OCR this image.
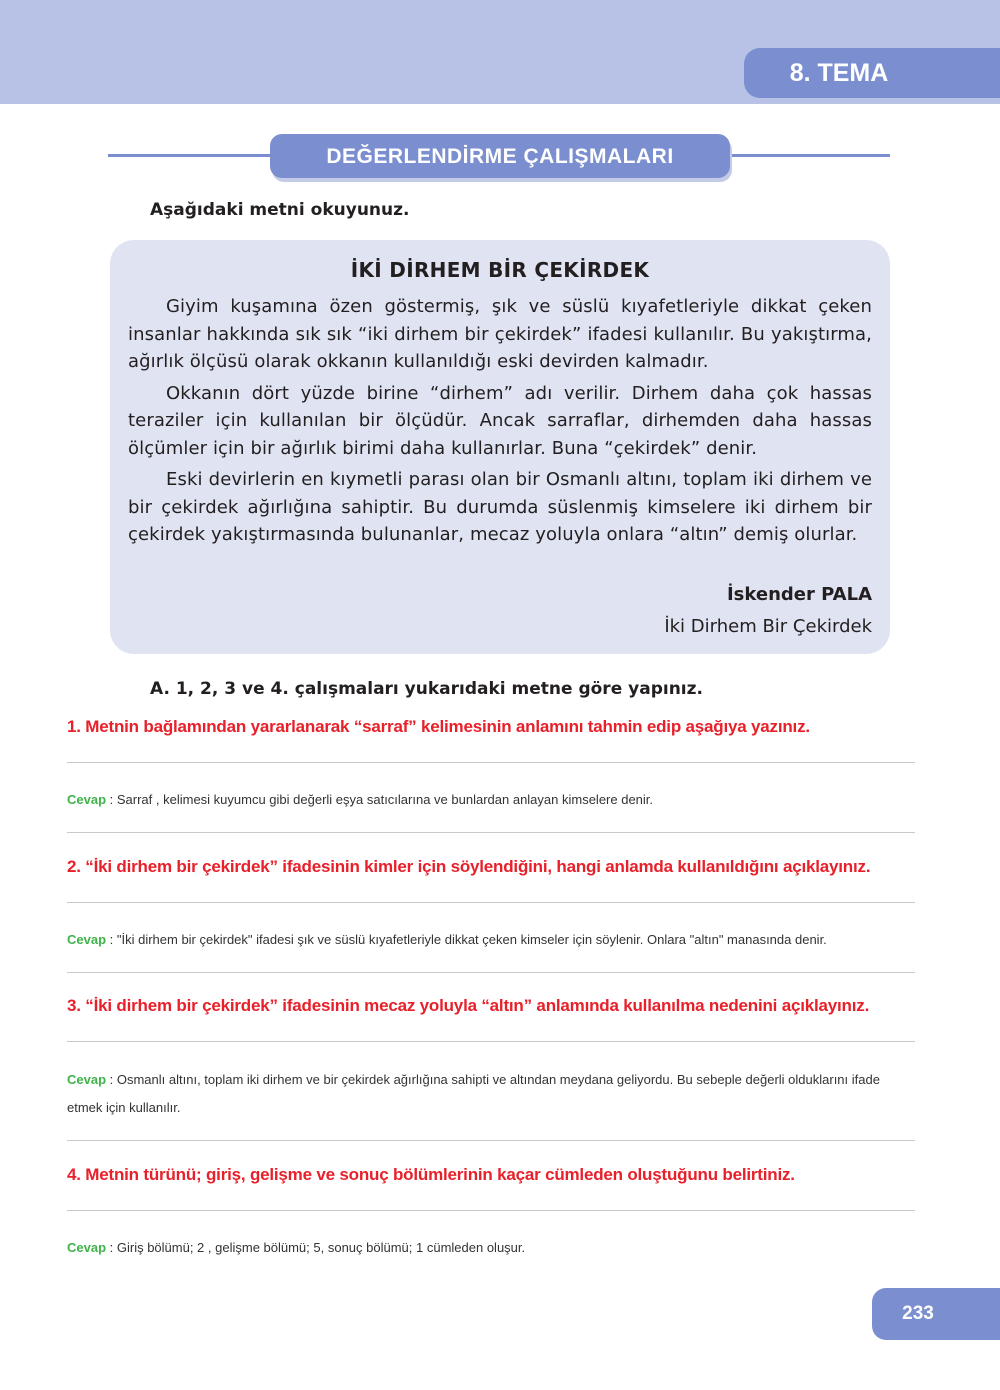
8. TEMA
DEĞERLENDİRME ÇALIŞMALARI
Aşağıdaki metni okuyunuz.
İKİ DİRHEM BİR ÇEKİRDEK

Giyim kuşamına özen göstermiş, şık ve süslü kıyafetleriyle dikkat çeken insanlar hakkında sık sık “iki dirhem bir çekirdek” ifadesi kullanılır. Bu yakıştırma, ağırlık ölçüsü olarak okkanın kullanıldığı eski devirden kalmadır.

Okkanın dört yüzde birine “dirhem” adı verilir. Dirhem daha çok hassas teraziler için kullanılan bir ölçüdür. Ancak sarraflar, dirhemden daha hassas ölçümler için bir ağırlık birimi daha kullanırlar. Buna “çekirdek” denir.

Eski devirlerin en kıymetli parası olan bir Osmanlı altını, toplam iki dirhem ve bir çekirdek ağırlığına sahiptir. Bu durumda süslenmiş kimselere iki dirhem bir çekirdek yakıştırmasında bulunanlar, mecaz yoluyla onlara “altın” demiş olurlar.

İskender PALA
İki Dirhem Bir Çekirdek
A. 1, 2, 3 ve 4. çalışmaları yukarıdaki metne göre yapınız.
1. Metnin bağlamından yararlanarak “sarraf” kelimesinin anlamını tahmin edip aşağıya yazınız.
Cevap : Sarraf , kelimesi kuyumcu gibi değerli eşya satıcılarına ve bunlardan anlayan kimselere denir.
2. “İki dirhem bir çekirdek” ifadesinin kimler için söylendiğini, hangi anlamda kullanıldığını açıklayınız.
Cevap : "İki dirhem bir çekirdek" ifadesi şık ve süslü kıyafetleriyle dikkat çeken kimseler için söylenir. Onlara "altın" manasında denir.
3. “İki dirhem bir çekirdek” ifadesinin mecaz yoluyla “altın” anlamında kullanılma nedenini açıklayınız.
Cevap : Osmanlı altını, toplam iki dirhem ve bir çekirdek ağırlığına sahipti ve altından meydana geliyordu. Bu sebeple değerli olduklarını ifade etmek için kullanılır.
4. Metnin türünü; giriş, gelişme ve sonuç bölümlerinin kaçar cümleden oluştuğunu belirtiniz.
Cevap : Giriş bölümü; 2 , gelişme bölümü; 5, sonuç bölümü; 1 cümleden oluşur.
233
